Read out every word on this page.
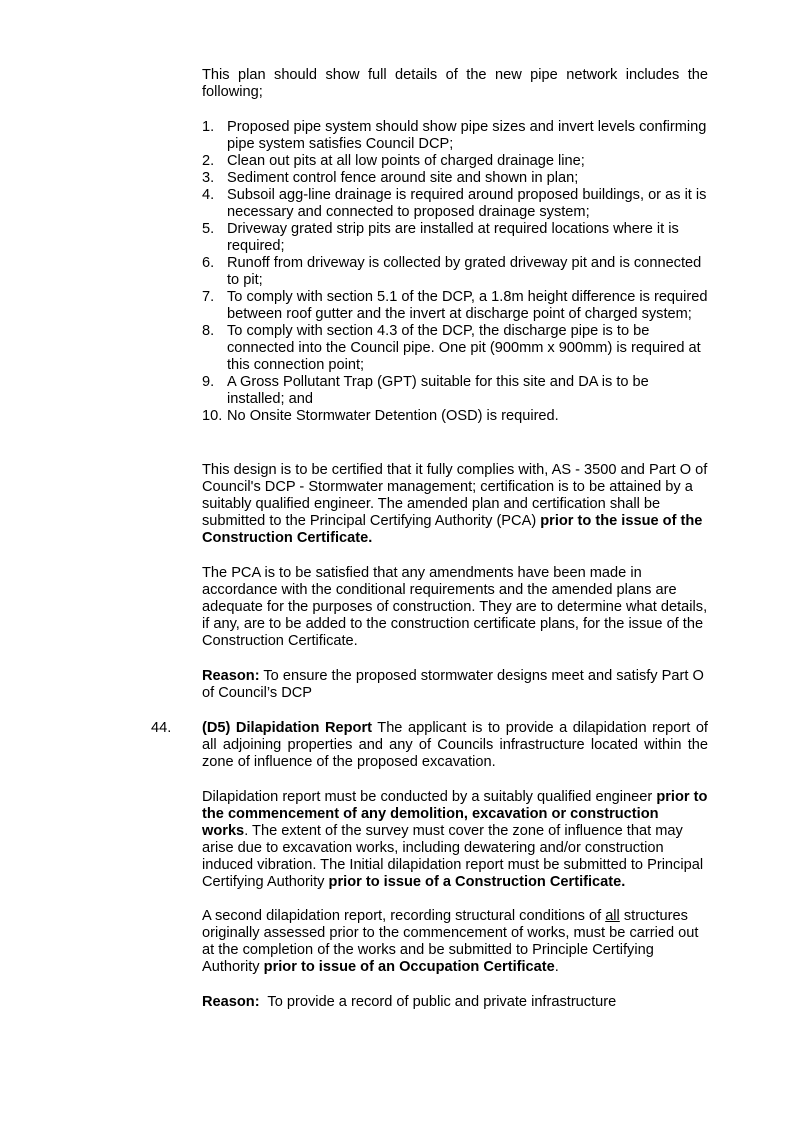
This plan should show full details of the new pipe network includes the following;

1. Proposed pipe system should show pipe sizes and invert levels confirming pipe system satisfies Council DCP;
2. Clean out pits at all low points of charged drainage line;
3. Sediment control fence around site and shown in plan;
4. Subsoil agg-line drainage is required around proposed buildings, or as it is necessary and connected to proposed drainage system;
5. Driveway grated strip pits are installed at required locations where it is required;
6. Runoff from driveway is collected by grated driveway pit and is connected to pit;
7. To comply with section 5.1 of the DCP, a 1.8m height difference is required between roof gutter and the invert at discharge point of charged system;
8. To comply with section 4.3 of the DCP, the discharge pipe is to be connected into the Council pipe. One pit (900mm x 900mm) is required at this connection point;
9. A Gross Pollutant Trap (GPT) suitable for this site and DA is to be installed; and
10. No Onsite Stormwater Detention (OSD) is required.

This design is to be certified that it fully complies with, AS - 3500 and Part O of Council's DCP - Stormwater management; certification is to be attained by a suitably qualified engineer. The amended plan and certification shall be submitted to the Principal Certifying Authority (PCA) prior to the issue of the Construction Certificate.

The PCA is to be satisfied that any amendments have been made in accordance with the conditional requirements and the amended plans are adequate for the purposes of construction. They are to determine what details, if any, are to be added to the construction certificate plans, for the issue of the Construction Certificate.

Reason: To ensure the proposed stormwater designs meet and satisfy Part O of Council’s DCP

44. (D5) Dilapidation Report The applicant is to provide a dilapidation report of all adjoining properties and any of Councils infrastructure located within the zone of influence of the proposed excavation.

Dilapidation report must be conducted by a suitably qualified engineer prior to the commencement of any demolition, excavation or construction works. The extent of the survey must cover the zone of influence that may arise due to excavation works, including dewatering and/or construction induced vibration. The Initial dilapidation report must be submitted to Principal Certifying Authority prior to issue of a Construction Certificate.

A second dilapidation report, recording structural conditions of all structures originally assessed prior to the commencement of works, must be carried out at the completion of the works and be submitted to Principle Certifying Authority prior to issue of an Occupation Certificate.

Reason:  To provide a record of public and private infrastructure
